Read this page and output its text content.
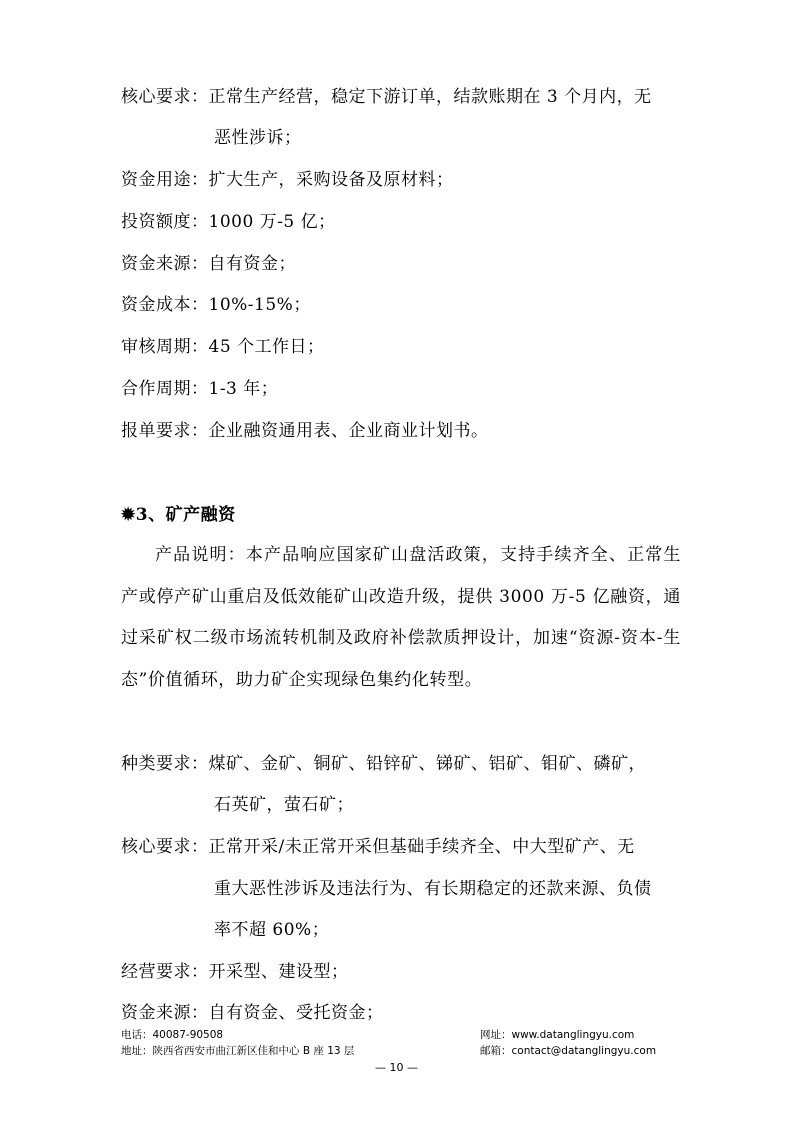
核心要求：正常生产经营，稳定下游订单，结款账期在 3 个月内，无
恶性涉诉；
资金用途：扩大生产，采购设备及原材料；
投资额度：1000 万-5 亿；
资金来源：自有资金；
资金成本：10%-15%；
审核周期：45 个工作日；
合作周期：1-3 年；
报单要求：企业融资通用表、企业商业计划书。
✹3、矿产融资
产品说明：本产品响应国家矿山盘活政策，支持手续齐全、正常生产或停产矿山重启及低效能矿山改造升级，提供 3000 万-5 亿融资，通过采矿权二级市场流转机制及政府补偿款质押设计，加速“资源-资本-生态”价值循环，助力矿企实现绿色集约化转型。
种类要求：煤矿、金矿、铜矿、铅锌矿、锑矿、铝矿、钼矿、磷矿，
石英矿，萤石矿；
核心要求：正常开采/未正常开采但基础手续齐全、中大型矿产、无
重大恶性涉诉及违法行为、有长期稳定的还款来源、负债
率不超 60%；
经营要求：开采型、建设型；
资金来源：自有资金、受托资金；
电话：40087-90508
地址：陕西省西安市曲江新区佳和中心 B 座 13 层
网址：www.datanglingyu.com
邮箱：contact@datanglingyu.com
— 10 —
